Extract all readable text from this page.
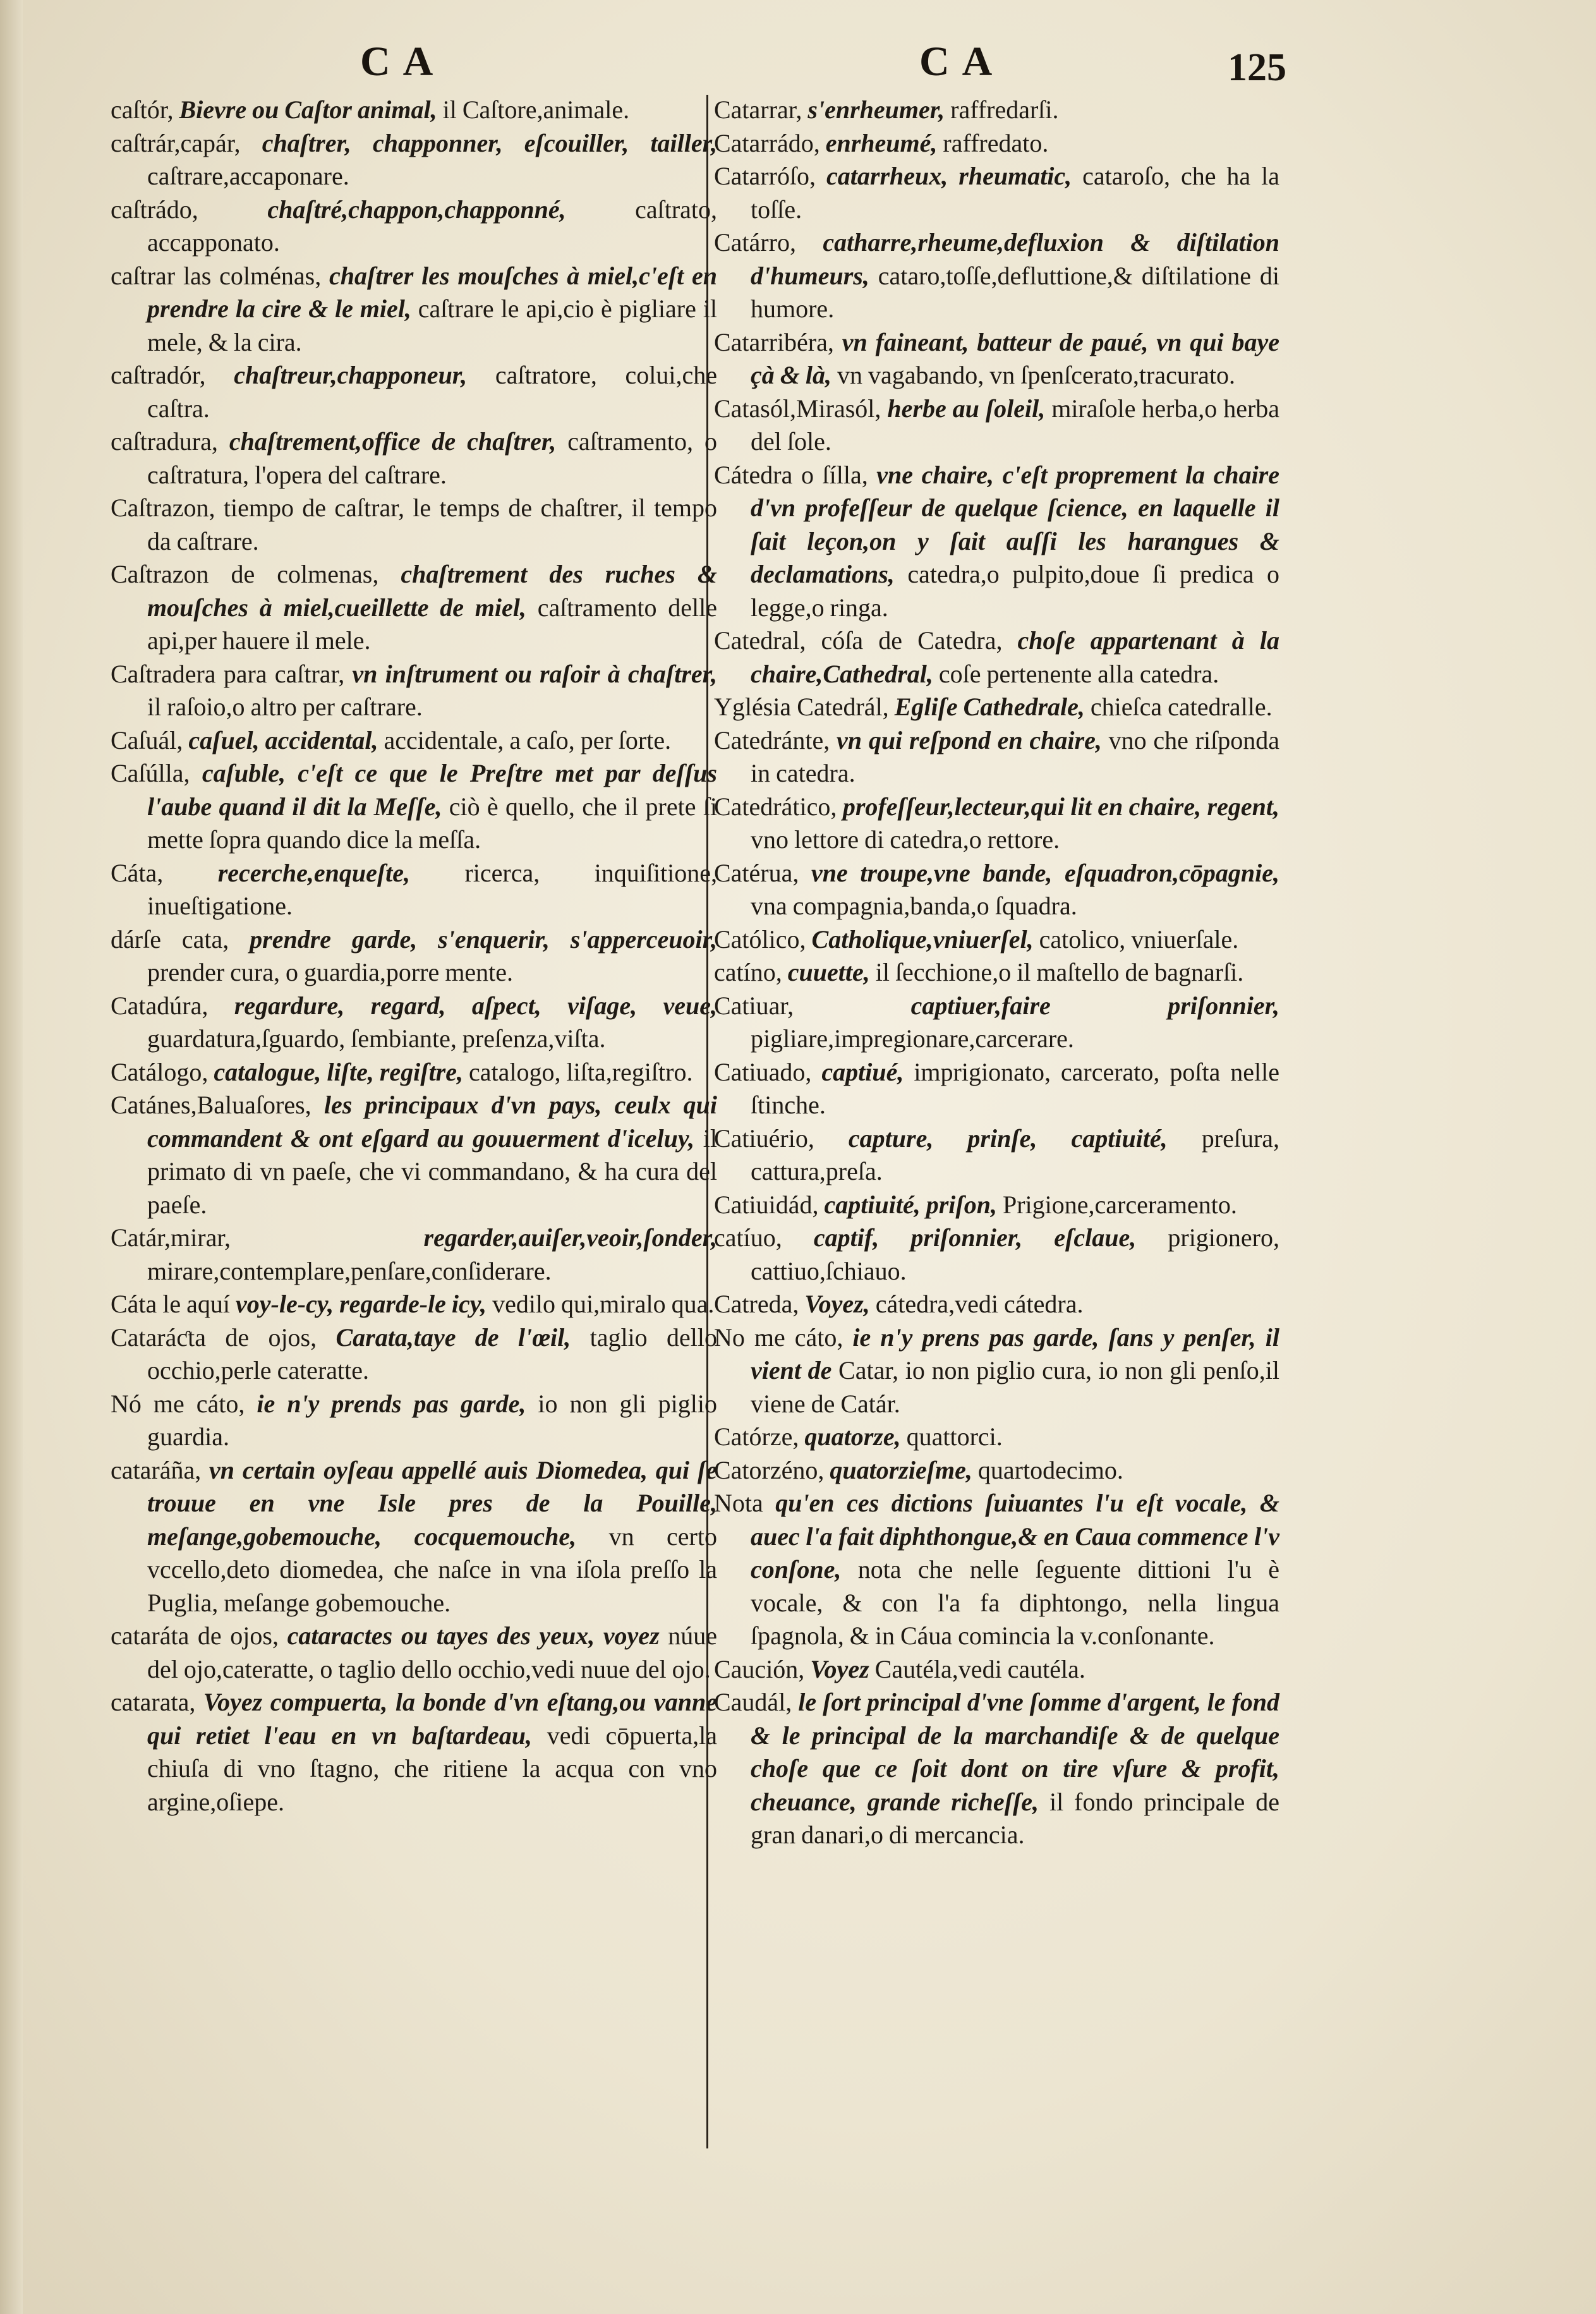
CA	CA	125

caſtór, Bievre ou Caſtor animal, il Caſtore,animale.

caſtrár,capár, chaſtrer, chapponner, eſcouiller, tailler, caſtrare,accaponare.

caſtrádo,	chaſtré,chappon,chapponné,	caſtrato, accapponato.

caſtrar las colménas, chaſtrer les mouſches à miel,c'eſt en prendre la cire & le miel, caſtrare le api,cio è pigliare il mele, & la cira.

caſtradór, chaſtreur,chapponeur, caſtratore, colui,che caſtra.

caſtradura, chaſtrement,office de chaſtrer, caſtramento, o caſtratura, l'opera del caſtrare.

Caſtrazon, tiempo de caſtrar, le temps de chaſtrer, il tempo da caſtrare.

Caſtrazon de colmenas, chaſtrement des ruches & mouſches à miel,cueillette de miel, caſtramento delle api,per hauere il mele.

Caſtradera para caſtrar, vn inſtrument ou raſoir à chaſtrer, il raſoio,o altro per caſtrare.

Caſuál, caſuel, accidental, accidentale, a caſo, per ſorte.

Caſúlla, caſuble, c'eſt ce que le Preſtre met par deſſus l'aube quand il dit la Meſſe, ciò è quello, che il prete ſi mette ſopra quando dice la meſſa.

Cáta, recerche,enqueſte, ricerca, inquiſitione, inueſtigatione.

dárſe cata, prendre garde, s'enquerir, s'apperceuoir, prender cura, o guardia,porre mente.

Catadúra, regardure, regard, aſpect, viſage, veue, guardatura,ſguardo, ſembiante, preſenza,viſta.

Catálogo, catalogue, liſte, regiſtre, catalogo, liſta,regiſtro.

Catánes,Baluaſores, les principaux d'vn pays, ceulx qui commandent & ont eſgard au gouuerment d'iceluy, il primato di vn paeſe, che vi commandano, & ha cura del paeſe.

Catár,mirar,	regarder,auiſer,veoir,ſonder, mirare,contemplare,penſare,conſiderare.

Cáta le aquí voy-le-cy, regarde-le icy, vedilo qui,miralo qua.

Cataráƈta de ojos, Carata,taye de l'œil, taglio dello occhio,perle cateratte.

Nó me cáto, ie n'y prends pas garde, io non gli piglio guardia.

cataráña, vn certain oyſeau appellé auis Diomedea, qui ſe trouue en vne Isle pres de la Pouille, meſange,gobemouche, cocquemouche, vn certo vccello,deto diomedea, che naſce in vna iſola preſſo la Puglia, meſange gobemouche.

cataráta de ojos, cataractes ou tayes des yeux, voyez núue del ojo,cateratte, o taglio dello occhio,vedi nuue del ojo.

catarata, Voyez compuerta, la bonde d'vn eſtang,ou vanne qui retiet l'eau en vn baſtardeau, vedi cōpuerta,la chiuſa di vno ſtagno, che ritiene la acqua con vno argine,oſiepe.

Catarrar, s'enrheumer, raffredarſi.

Catarrádo, enrheumé, raffredato.

Catarróſo, catarrheux, rheumatic, cataroſo, che ha la toſſe.

Catárro, catharre,rheume,defluxion & diſtilation d'humeurs, cataro,toſſe,defluttione,& diſtilatione di humore.

Catarribéra, vn faineant, batteur de paué, vn qui baye çà & là, vn vagabando, vn ſpenſcerato,tracurato.

Catasól,Mirasól, herbe au ſoleil, miraſole herba,o herba del ſole.

Cátedra o ſílla, vne chaire, c'eſt proprement la chaire d'vn profeſſeur de quelque ſcience, en laquelle il ſait leçon,on y ſait auſſi les harangues & declamations, catedra,o pulpito,doue ſi predica o legge,o ringa.

Catedral, cóſa de Catedra, choſe appartenant à la chaire,Cathedral, coſe pertenente alla catedra.

Yglésia Catedrál, Egliſe Cathedrale, chieſca catedralle.

Catedránte, vn qui reſpond en chaire, vno che riſponda in catedra.

Catedrático, profeſſeur,lecteur,qui lit en chaire, regent, vno lettore di catedra,o rettore.

Catérua, vne troupe,vne bande, eſquadron,cōpagnie, vna compagnia,banda,o ſquadra.

Católico, Catholique,vniuerſel, catolico, vniuerſale.

catíno, cuuette, il ſecchione,o il maſtello de bagnarſi.

Catiuar,	captiuer,faire priſonnier, pigliare,impregionare,carcerare.

Catiuado, captiué, imprigionato, carcerato, poſta nelle ſtinche.

Catiuério, capture, prinſe, captiuité, preſura, cattura,preſa.

Catiuidád, captiuité, priſon, Prigione,carceramento.

catíuo, captif, priſonnier, eſclaue, prigionero, cattiuo,ſchiauo.

Catreda, Voyez, cátedra,vedi cátedra.

No me cáto, ie n'y prens pas garde, ſans y penſer, il vient de Catar, io non piglio cura, io non gli penſo,il viene de Catár.

Catórze, quatorze, quattorci.

Catorzéno, quatorzieſme, quartodecimo.

Nota qu'en ces dictions ſuiuantes l'u eſt vocale, & auec l'a fait diphthongue,& en Caua commence l'v conſone, nota che nelle ſeguente dittioni l'u è vocale, & con l'a fa diphtongo, nella lingua ſpagnola, & in Cáua comincia la v.conſonante.

Caución, Voyez Cautéla,vedi cautéla.

Caudál, le ſort principal d'vne ſomme d'argent, le fond & le principal de la marchandiſe & de quelque choſe que ce ſoit dont on tire vſure & profit, cheuance, grande richeſſe, il fondo principale de gran danari,o di mercancia.
